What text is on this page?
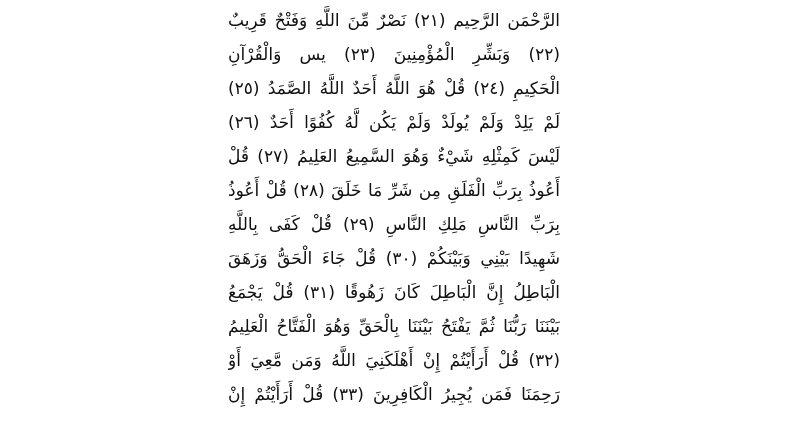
الرَّحْمَن الرَّحِيم (٢١) نَصْرٌ مِّنَ اللَّهِ وَفَتْحٌ قَرِيبٌ
(٢٢) وَبَشِّرِ الْمُؤْمِنِينَ (٢٣) يس وَالْقُرْآنِ
الْحَكِيمِ (٢٤) قُلْ هُوَ اللَّهُ أَحَدٌ اللَّهُ الصَّمَدُ (٢٥)
لَمْ يَلِدْ وَلَمْ يُولَدْ وَلَمْ يَكُن لَّهُ كُفُوًا أَحَدٌ (٢٦)
لَيْسَ كَمِثْلِهِ شَيْءٌ وَهُوَ السَّمِيعُ العَلِيمُ (٢٧) قُلْ
أَعُوذُ بِرَبِّ الْفَلَقِ مِن شَرِّ مَا خَلَقَ (٢٨) قُلْ أَعُوذُ
بِرَبِّ النَّاسِ مَلِكِ النَّاسِ (٢٩) قُلْ كَفَى بِاللَّهِ
شَهِيدًا بَيْنِي وَبَيْنَكُمْ (٣٠) قُلْ جَاءَ الْحَقُّ وَزَهَقَ
الْبَاطِلُ إِنَّ الْبَاطِلَ كَانَ زَهُوقًا (٣١) قُلْ يَجْمَعُ
بَيْنَنَا رَبُّنَا ثُمَّ يَفْتَحُ بَيْنَنَا بِالْحَقِّ وَهُوَ الْفَتَّاحُ الْعَلِيمُ
(٣٢) قُلْ أَرَأَيْتُمْ إِنْ أَهْلَكَنِيَ اللَّهُ وَمَن مَّعِيَ أَوْ
رَحِمَنَا فَمَن يُجِيرُ الْكَافِرِينَ (٣٣) قُلْ أَرَأَيْتُمْ إِنْ
